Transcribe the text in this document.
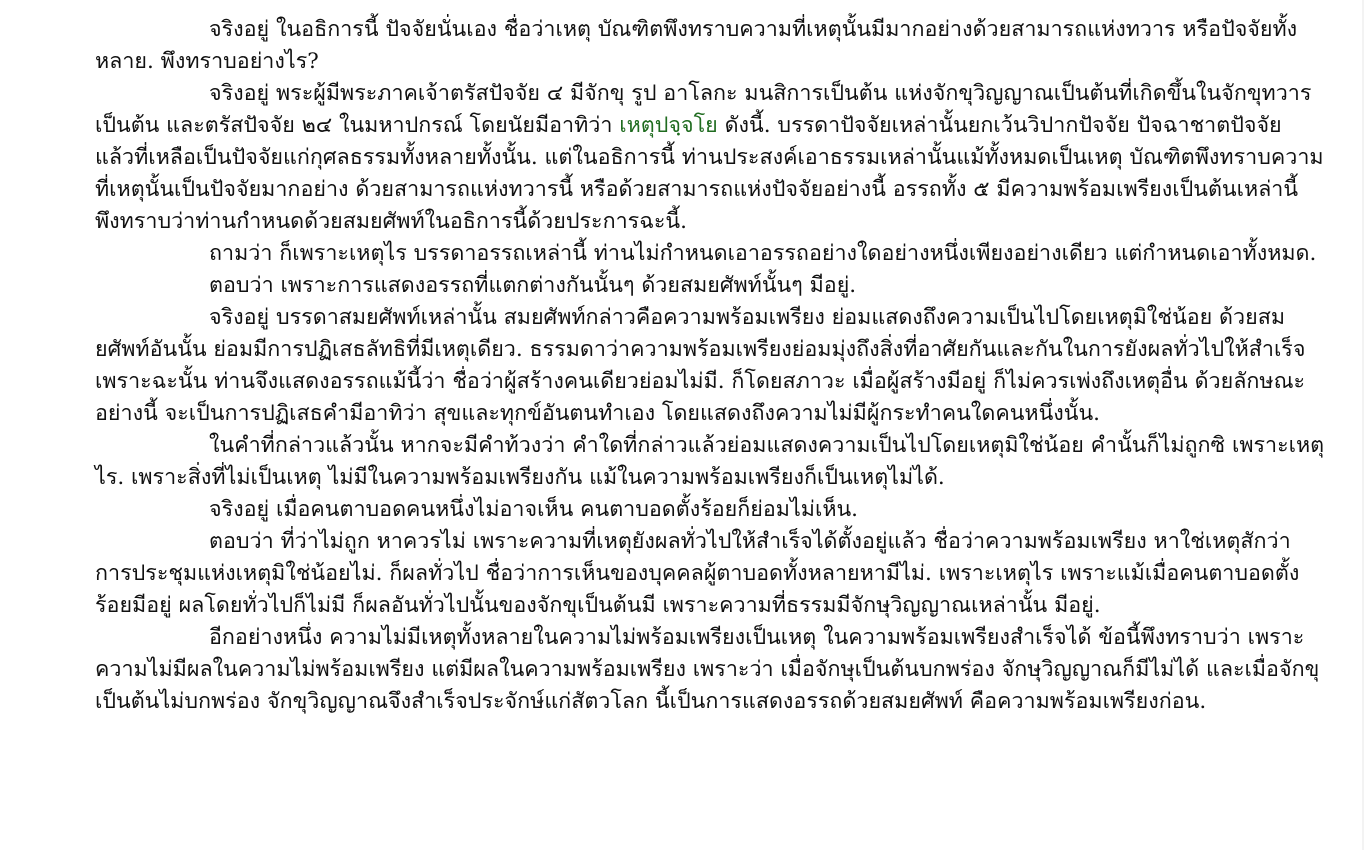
จริงอยู่ ในอธิการนี้ ปัจจัยนั่นเอง ชื่อว่าเหตุ บัณฑิตพึงทราบความที่เหตุนั้นมีมากอย่างด้วยสามารถแห่งทวาร หรือปัจจัยทั้งหลาย. พึงทราบอย่างไร?

จริงอยู่ พระผู้มีพระภาคเจ้าตรัสปัจจัย ๔ มีจักขุ รูป อาโลกะ มนสิการเป็นต้น แห่งจักขุวิญญาณเป็นต้นที่เกิดขึ้นในจักขุทวารเป็นต้น และตรัสปัจจัย ๒๔ ในมหาปกรณ์ โดยนัยมีอาทิว่า เหตุปจฺจโย ดังนี้. บรรดาปัจจัยเหล่านั้นยกเว้นวิปากปัจจัย ปัจฉาชาตปัจจัย แล้วที่เหลือเป็นปัจจัยแก่กุศลธรรมทั้งหลายทั้งนั้น. แต่ในอธิการนี้ ท่านประสงค์เอาธรรมเหล่านั้นแม้ทั้งหมดเป็นเหตุ บัณฑิตพึงทราบความที่เหตุนั้นเป็นปัจจัยมากอย่าง ด้วยสามารถแห่งทวารนี้ หรือด้วยสามารถแห่งปัจจัยอย่างนี้ อรรถทั้ง ๕ มีความพร้อมเพรียงเป็นต้นเหล่านี้ พึงทราบว่าท่านกำหนดด้วยสมยศัพท์ในอธิการนี้ด้วยประการฉะนี้.

ถามว่า ก็เพราะเหตุไร บรรดาอรรถเหล่านี้ ท่านไม่กำหนดเอาอรรถอย่างใดอย่างหนึ่งเพียงอย่างเดียว แต่กำหนดเอาทั้งหมด.

ตอบว่า เพราะการแสดงอรรถที่แตกต่างกันนั้นๆ ด้วยสมยศัพท์นั้นๆ มีอยู่.

จริงอยู่ บรรดาสมยศัพท์เหล่านั้น สมยศัพท์กล่าวคือความพร้อมเพรียง ย่อมแสดงถึงความเป็นไปโดยเหตุมิใช่น้อย ด้วยสมยศัพท์อันนั้น ย่อมมีการปฏิเสธลัทธิที่มีเหตุเดียว. ธรรมดาว่าความพร้อมเพรียงย่อมมุ่งถึงสิ่งที่อาศัยกันและกันในการยังผลทั่วไปให้สำเร็จ เพราะฉะนั้น ท่านจึงแสดงอรรถแม้นี้ว่า ชื่อว่าผู้สร้างคนเดียวย่อมไม่มี. ก็โดยสภาวะ เมื่อผู้สร้างมีอยู่ ก็ไม่ควรเพ่งถึงเหตุอื่น ด้วยลักษณะอย่างนี้ จะเป็นการปฏิเสธคำมีอาทิว่า สุขและทุกข์อันตนทำเอง โดยแสดงถึงความไม่มีผู้กระทำคนใดคนหนึ่งนั้น.

ในคำที่กล่าวแล้วนั้น หากจะมีคำท้วงว่า คำใดที่กล่าวแล้วย่อมแสดงความเป็นไปโดยเหตุมิใช่น้อย คำนั้นก็ไม่ถูกซิ เพราะเหตุไร. เพราะสิ่งที่ไม่เป็นเหตุ ไม่มีในความพร้อมเพรียงกัน แม้ในความพร้อมเพรียงก็เป็นเหตุไม่ได้.

จริงอยู่ เมื่อคนตาบอดคนหนึ่งไม่อาจเห็น คนตาบอดตั้งร้อยก็ย่อมไม่เห็น.

ตอบว่า ที่ว่าไม่ถูก หาควรไม่ เพราะความที่เหตุยังผลทั่วไปให้สำเร็จได้ตั้งอยู่แล้ว ชื่อว่าความพร้อมเพรียง หาใช่เหตุสักว่าการประชุมแห่งเหตุมิใช่น้อยไม่. ก็ผลทั่วไป ชื่อว่าการเห็นของบุคคลผู้ตาบอดทั้งหลายหามีไม่. เพราะเหตุไร เพราะแม้เมื่อคนตาบอดตั้งร้อยมีอยู่ ผลโดยทั่วไปก็ไม่มี ก็ผลอันทั่วไปนั้นของจักขุเป็นต้นมี เพราะความที่ธรรมมีจักษุวิญญาณเหล่านั้น มีอยู่.

อีกอย่างหนึ่ง ความไม่มีเหตุทั้งหลายในความไม่พร้อมเพรียงเป็นเหตุ ในความพร้อมเพรียงสำเร็จได้ ข้อนี้พึงทราบว่า เพราะความไม่มีผลในความไม่พร้อมเพรียง แต่มีผลในความพร้อมเพรียง เพราะว่า เมื่อจักษุเป็นต้นบกพร่อง จักษุวิญญาณก็มีไม่ได้ และเมื่อจักขุเป็นต้นไม่บกพร่อง จักขุวิญญาณจึงสำเร็จประจักษ์แก่สัตวโลก นี้เป็นการแสดงอรรถด้วยสมยศัพท์ คือความพร้อมเพรียงก่อน.
